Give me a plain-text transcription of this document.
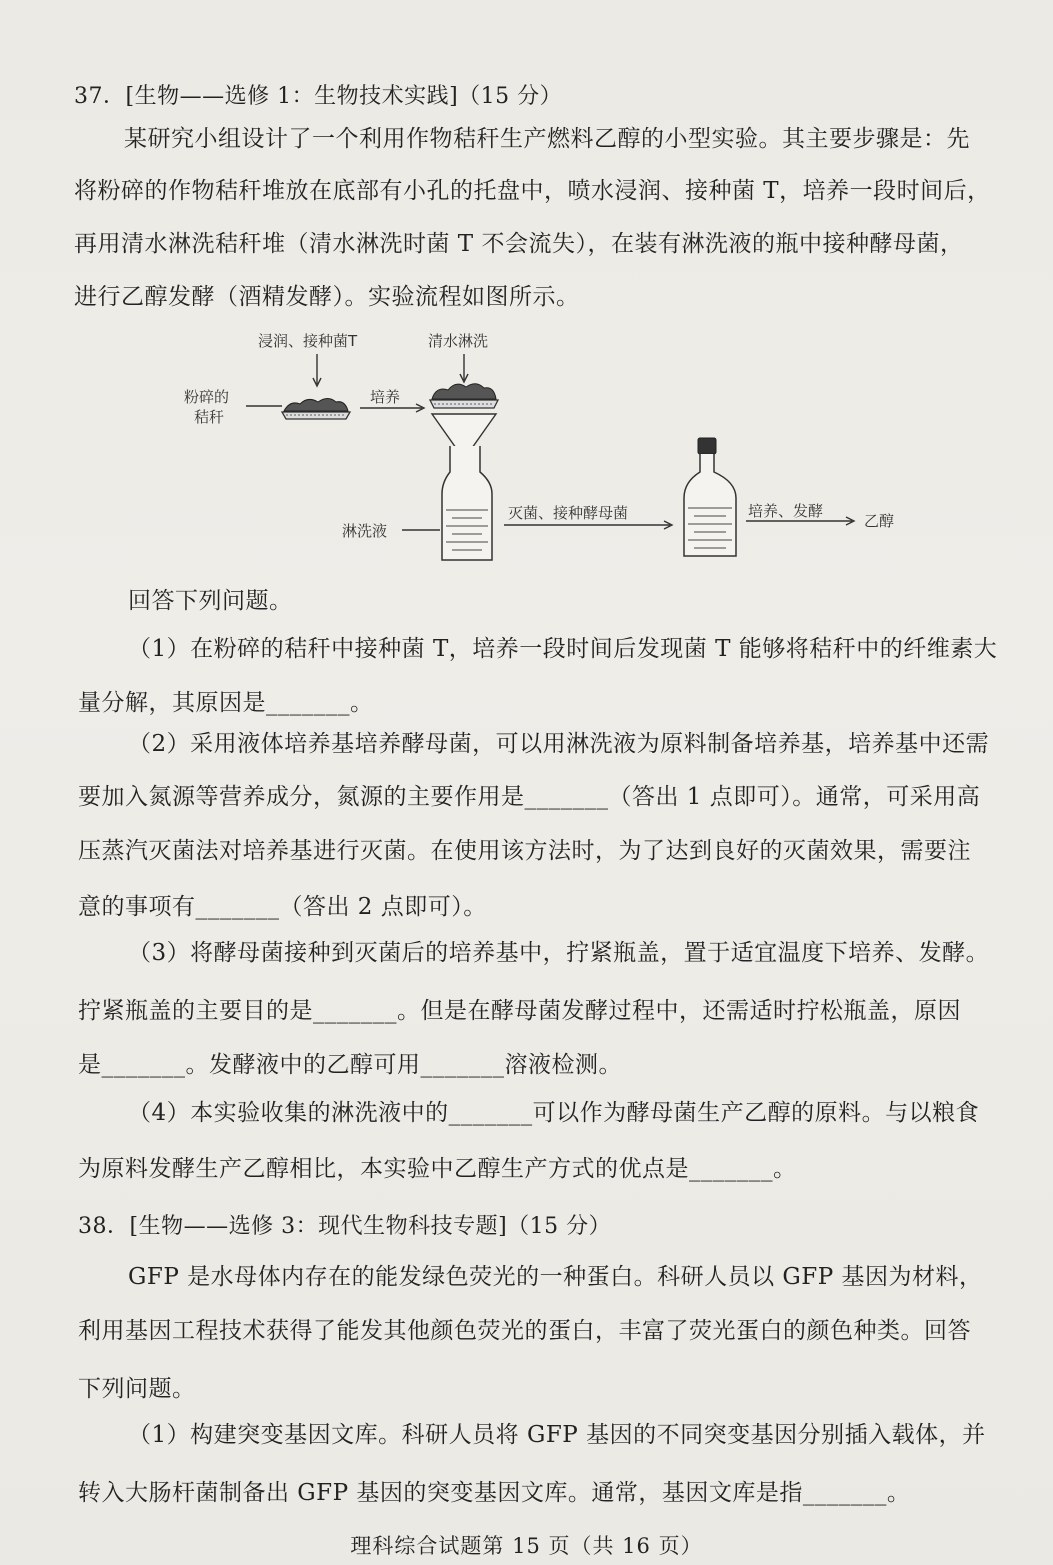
37．[生物——选修 1：生物技术实践]（15 分）
某研究小组设计了一个利用作物秸秆生产燃料乙醇的小型实验。其主要步骤是：先
将粉碎的作物秸秆堆放在底部有小孔的托盘中，喷水浸润、接种菌 T，培养一段时间后，
再用清水淋洗秸秆堆（清水淋洗时菌 T 不会流失），在装有淋洗液的瓶中接种酵母菌，
进行乙醇发酵（酒精发酵）。实验流程如图所示。
浸润、接种菌T	清水淋洗
粉碎的
秸秆
培养
淋洗液
灭菌、接种酵母菌	培养、发酵
乙醇
回答下列问题。
（1）在粉碎的秸秆中接种菌 T，培养一段时间后发现菌 T 能够将秸秆中的纤维素大
量分解，其原因是_______。
（2）采用液体培养基培养酵母菌，可以用淋洗液为原料制备培养基，培养基中还需
要加入氮源等营养成分，氮源的主要作用是_______（答出 1 点即可）。通常，可采用高
压蒸汽灭菌法对培养基进行灭菌。在使用该方法时，为了达到良好的灭菌效果，需要注
意的事项有_______（答出 2 点即可）。
（3）将酵母菌接种到灭菌后的培养基中，拧紧瓶盖，置于适宜温度下培养、发酵。
拧紧瓶盖的主要目的是_______。但是在酵母菌发酵过程中，还需适时拧松瓶盖，原因
是_______。发酵液中的乙醇可用_______溶液检测。
（4）本实验收集的淋洗液中的_______可以作为酵母菌生产乙醇的原料。与以粮食
为原料发酵生产乙醇相比，本实验中乙醇生产方式的优点是_______。
38．[生物——选修 3：现代生物科技专题]（15 分）
GFP 是水母体内存在的能发绿色荧光的一种蛋白。科研人员以 GFP 基因为材料，
利用基因工程技术获得了能发其他颜色荧光的蛋白，丰富了荧光蛋白的颜色种类。回答
下列问题。
（1）构建突变基因文库。科研人员将 GFP 基因的不同突变基因分别插入载体，并
转入大肠杆菌制备出 GFP 基因的突变基因文库。通常，基因文库是指_______。
理科综合试题第 15 页（共 16 页）
